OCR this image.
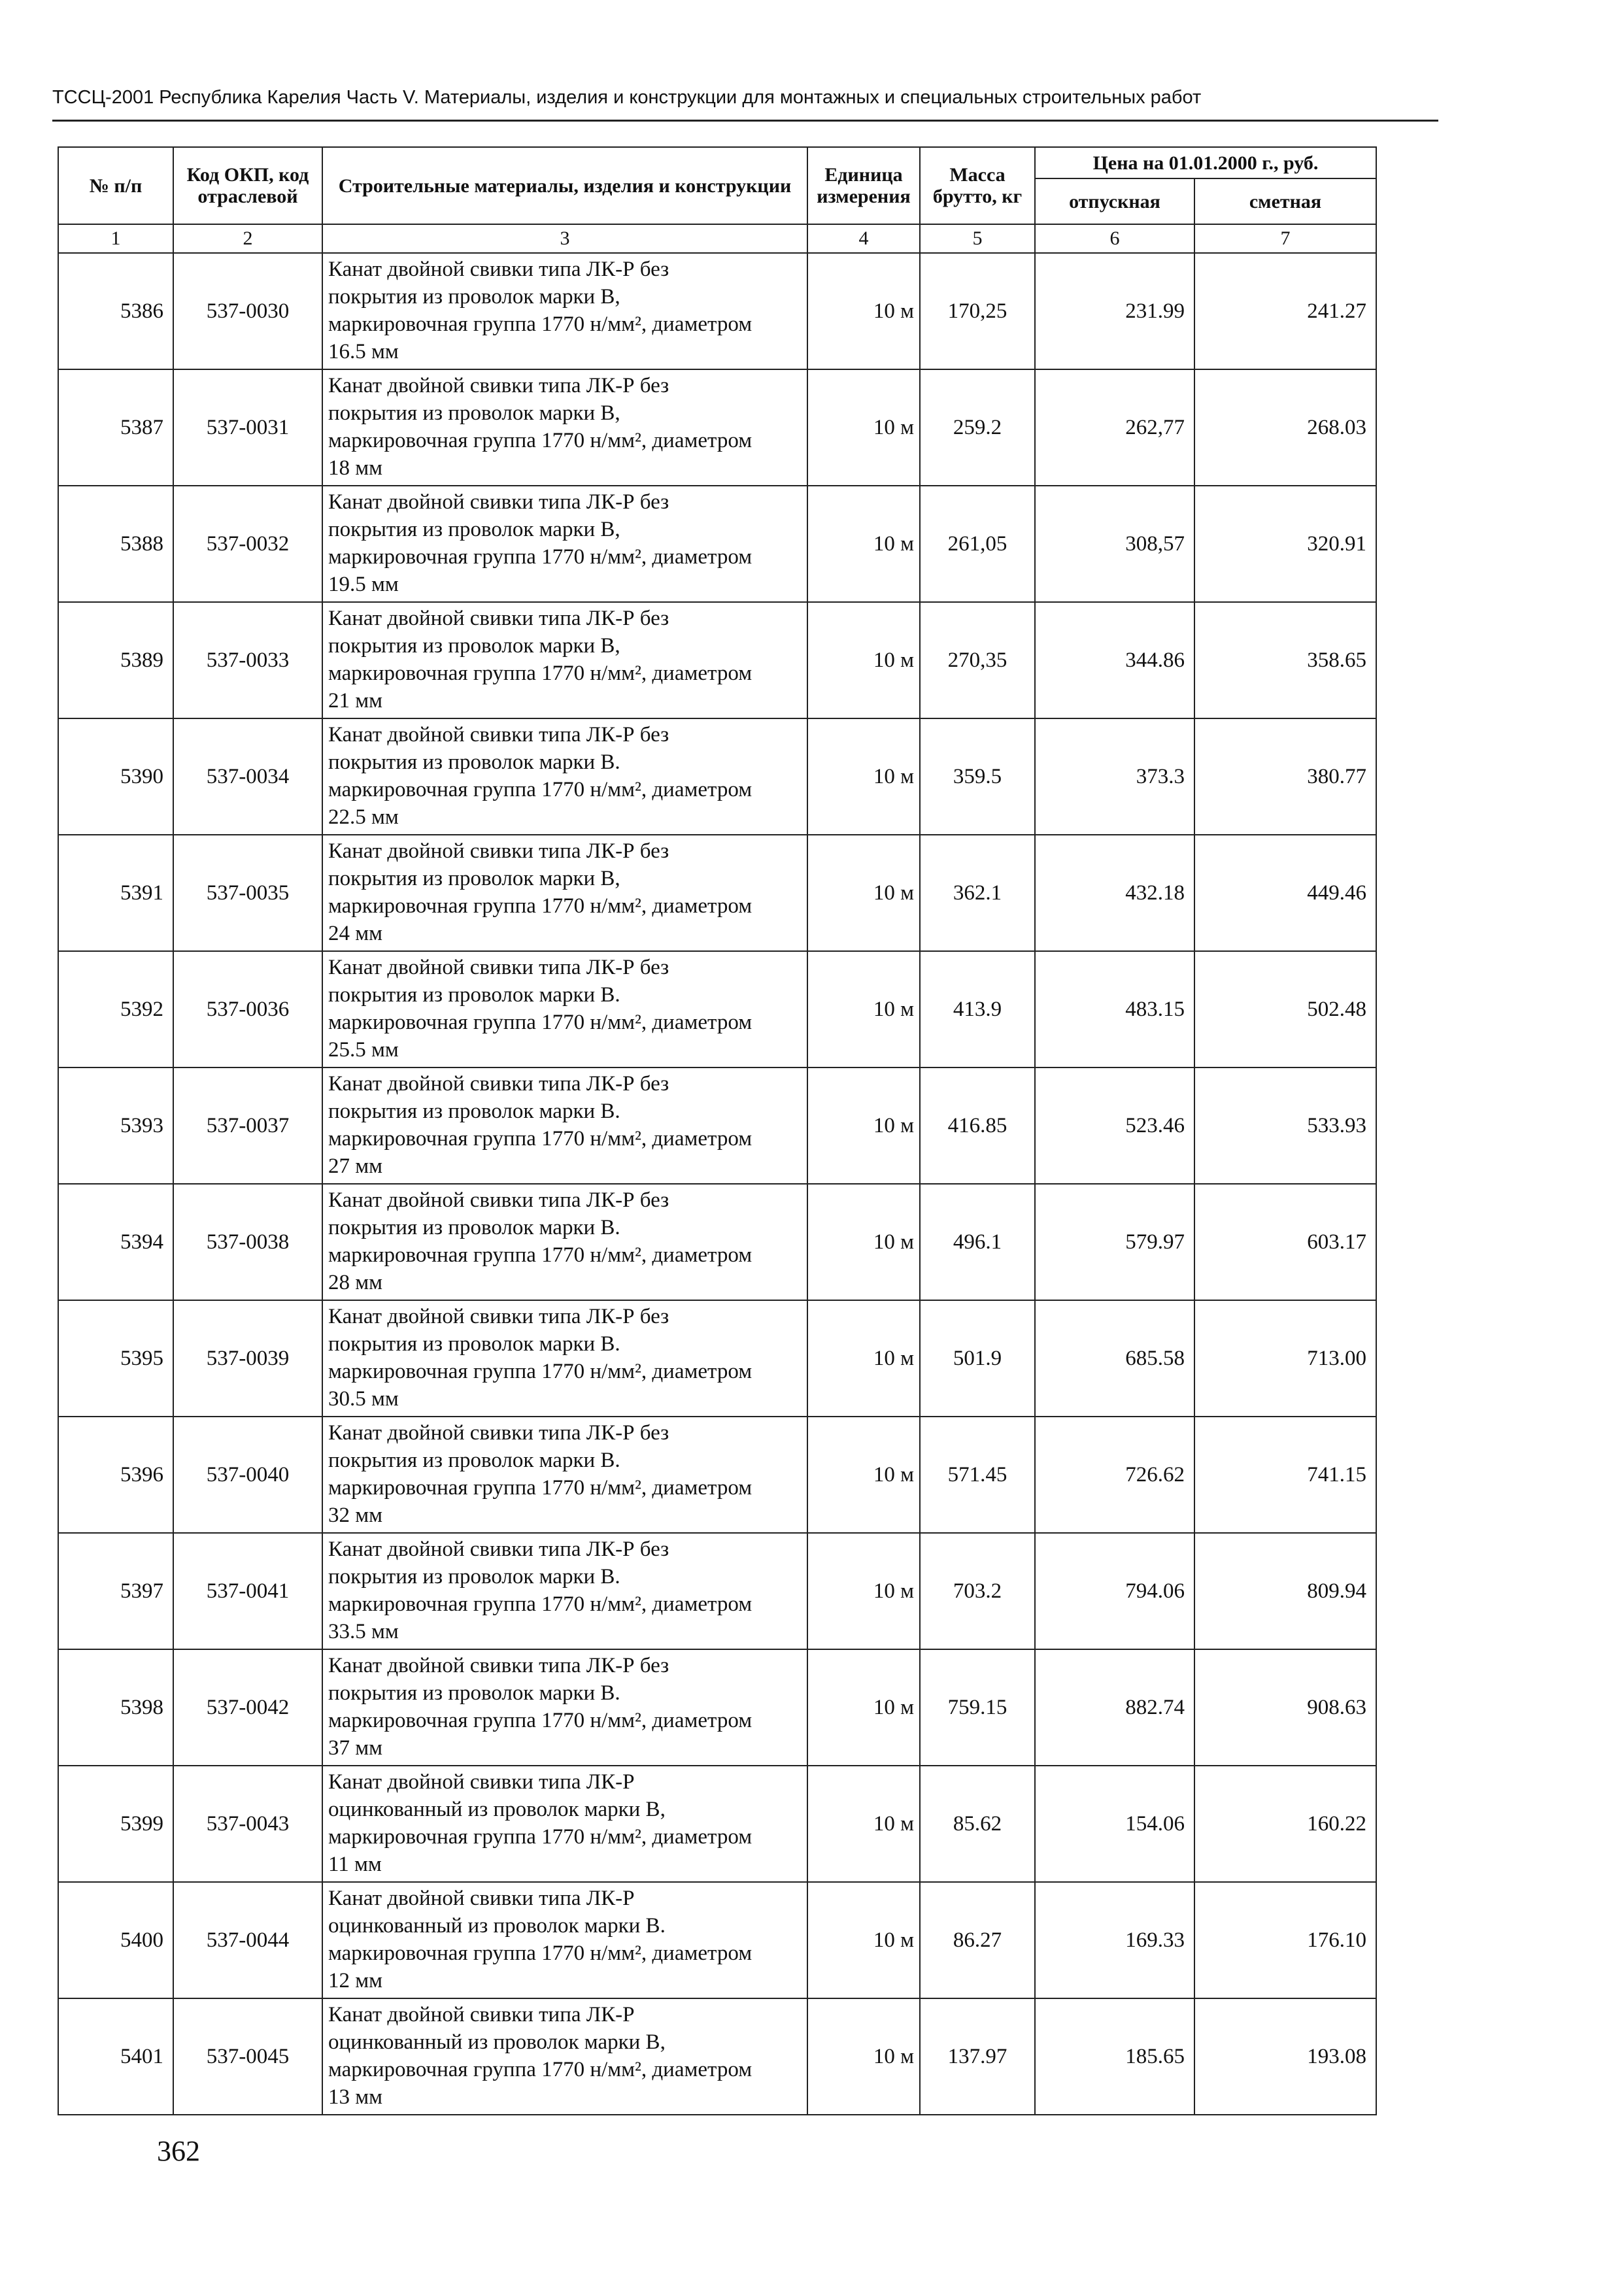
ТССЦ-2001 Республика Карелия Часть V. Материалы, изделия и конструкции для монтажных и специальных строительных работ
№ п/п	Код ОКП, код отраслевой	Строительные материалы, изделия и конструкции	Единица измерения	Масса брутто, кг	Цена на 01.01.2000 г., руб.	
					отпускная	сметная
1	2	3	4	5	6	7
5386	537-0030	Канат двойной свивки типа ЛК-Р без
покрытия из проволок марки В,
маркировочная группа 1770 н/мм², диаметром
16.5 мм	10 м	170,25	231.99	241.27
5387	537-0031	Канат двойной свивки типа ЛК-Р без
покрытия из проволок марки В,
маркировочная группа 1770 н/мм², диаметром
18 мм	10 м	259.2	262,77	268.03
5388	537-0032	Канат двойной свивки типа ЛК-Р без
покрытия из проволок марки В,
маркировочная группа 1770 н/мм², диаметром
19.5 мм	10 м	261,05	308,57	320.91
5389	537-0033	Канат двойной свивки типа ЛК-Р без
покрытия из проволок марки В,
маркировочная группа 1770 н/мм², диаметром
21 мм	10 м	270,35	344.86	358.65
5390	537-0034	Канат двойной свивки типа ЛК-Р без
покрытия из проволок марки В.
маркировочная группа 1770 н/мм², диаметром
22.5 мм	10 м	359.5	373.3	380.77
5391	537-0035	Канат двойной свивки типа ЛК-Р без
покрытия из проволок марки В,
маркировочная группа 1770 н/мм², диаметром
24 мм	10 м	362.1	432.18	449.46
5392	537-0036	Канат двойной свивки типа ЛК-Р без
покрытия из проволок марки В.
маркировочная группа 1770 н/мм², диаметром
25.5 мм	10 м	413.9	483.15	502.48
5393	537-0037	Канат двойной свивки типа ЛК-Р без
покрытия из проволок марки В.
маркировочная группа 1770 н/мм², диаметром
27 мм	10 м	416.85	523.46	533.93
5394	537-0038	Канат двойной свивки типа ЛК-Р без
покрытия из проволок марки В.
маркировочная группа 1770 н/мм², диаметром
28 мм	10 м	496.1	579.97	603.17
5395	537-0039	Канат двойной свивки типа ЛК-Р без
покрытия из проволок марки В.
маркировочная группа 1770 н/мм², диаметром
30.5 мм	10 м	501.9	685.58	713.00
5396	537-0040	Канат двойной свивки типа ЛК-Р без
покрытия из проволок марки В.
маркировочная группа 1770 н/мм², диаметром
32 мм	10 м	571.45	726.62	741.15
5397	537-0041	Канат двойной свивки типа ЛК-Р без
покрытия из проволок марки В.
маркировочная группа 1770 н/мм², диаметром
33.5 мм	10 м	703.2	794.06	809.94
5398	537-0042	Канат двойной свивки типа ЛК-Р без
покрытия из проволок марки В.
маркировочная группа 1770 н/мм², диаметром
37 мм	10 м	759.15	882.74	908.63
5399	537-0043	Канат двойной свивки типа ЛК-Р
оцинкованный из проволок марки В,
маркировочная группа 1770 н/мм², диаметром
11 мм	10 м	85.62	154.06	160.22
5400	537-0044	Канат двойной свивки типа ЛК-Р
оцинкованный из проволок марки В.
маркировочная группа 1770 н/мм², диаметром
12 мм	10 м	86.27	169.33	176.10
5401	537-0045	Канат двойной свивки типа ЛК-Р
оцинкованный из проволок марки В,
маркировочная группа 1770 н/мм², диаметром
13 мм	10 м	137.97	185.65	193.08
362
